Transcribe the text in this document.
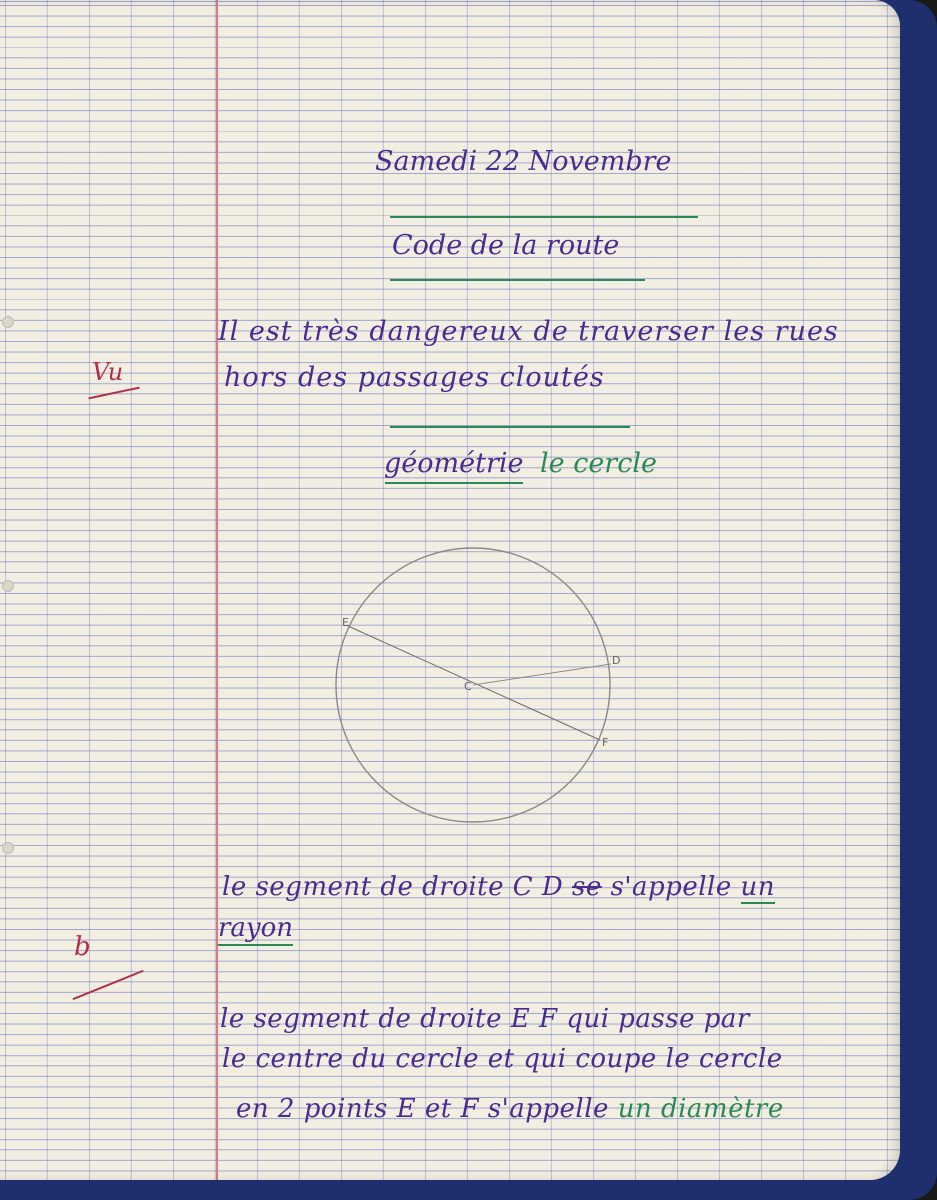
Samedi 22 Novembre
Code de la route
Vu
Il est très dangereux de traverser les rues
hors des passages cloutés
géométrie le cercle
E
C
D
F
le segment de droite C D se s'appelle un
rayon
b
le segment de droite E F qui passe par
le centre du cercle et qui coupe le cercle
en 2 points E et F s'appelle un diamètre
